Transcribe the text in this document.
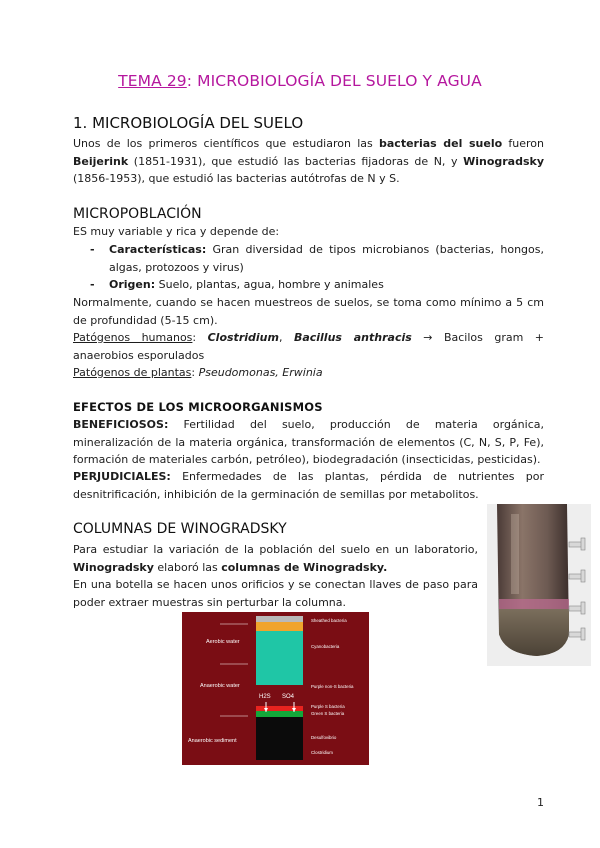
TEMA 29: MICROBIOLOGÍA DEL SUELO Y AGUA
1. MICROBIOLOGÍA DEL SUELO
Unos de los primeros científicos que estudiaron las bacterias del suelo fueron Beijerink (1851-1931), que estudió las bacterias fijadoras de N, y Winogradsky (1856-1953), que estudió las bacterias autótrofas de N y S.
MICROPOBLACIÓN
ES muy variable y rica y depende de:
- Características: Gran diversidad de tipos microbianos (bacterias, hongos, algas, protozoos y virus)
- Origen: Suelo, plantas, agua, hombre y animales
Normalmente, cuando se hacen muestreos de suelos, se toma como mínimo a 5 cm de profundidad (5-15 cm).
Patógenos humanos: Clostridium, Bacillus anthracis → Bacilos gram + anaerobios esporulados
Patógenos de plantas: Pseudomonas, Erwinia
EFECTOS DE LOS MICROORGANISMOS
BENEFICIOSOS: Fertilidad del suelo, producción de materia orgánica, mineralización de la materia orgánica, transformación de elementos (C, N, S, P, Fe), formación de materiales carbón, petróleo), biodegradación (insecticidas, pesticidas).
PERJUDICIALES: Enfermedades de las plantas, pérdida de nutrientes por desnitrificación, inhibición de la germinación de semillas por metabolitos.
COLUMNAS DE WINOGRADSKY
Para estudiar la variación de la población del suelo en un laboratorio, Winogradsky elaboró las columnas de Winogradsky.
En una botella se hacen unos orificios y se conectan llaves de paso para poder extraer muestras sin perturbar la columna.
H2S SO4
Aerobic water
Anaerobic water
Anaerobic sediment
Sheathed bacteria
Cyanobacteria
Purple non-S bacteria
Purple S bacteria
Green S bacteria
Desulfovibrio
Clostridium
1
